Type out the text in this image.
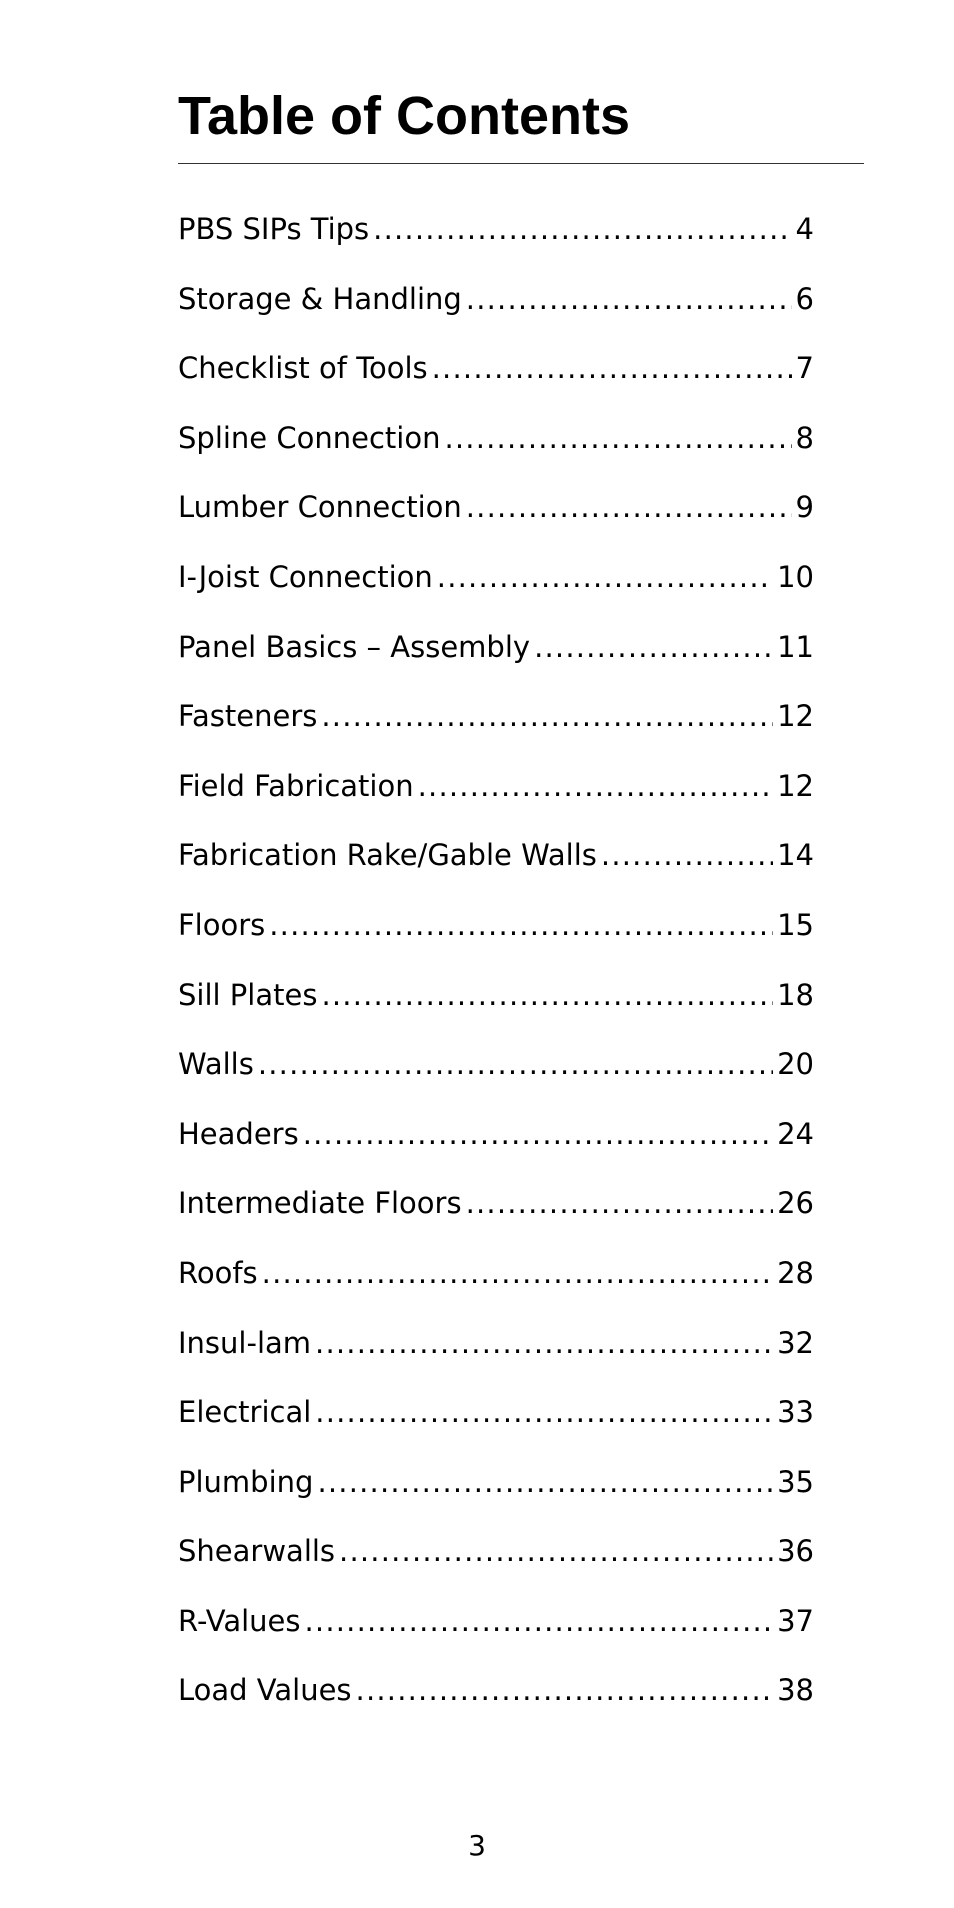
Table of Contents
PBS SIPs Tips .....	4
Storage & Handling .....	6
Checklist of Tools .....	7
Spline Connection .....	8
Lumber Connection .....	9
I-Joist Connection .....	10
Panel Basics – Assembly .....	11
Fasteners .....	12
Field Fabrication .....	12
Fabrication Rake/Gable Walls .....	14
Floors .....	15
Sill Plates .....	18
Walls .....	20
Headers .....	24
Intermediate Floors .....	26
Roofs .....	28
Insul-lam .....	32
Electrical .....	33
Plumbing .....	35
Shearwalls .....	36
R-Values .....	37
Load Values .....	38
3
